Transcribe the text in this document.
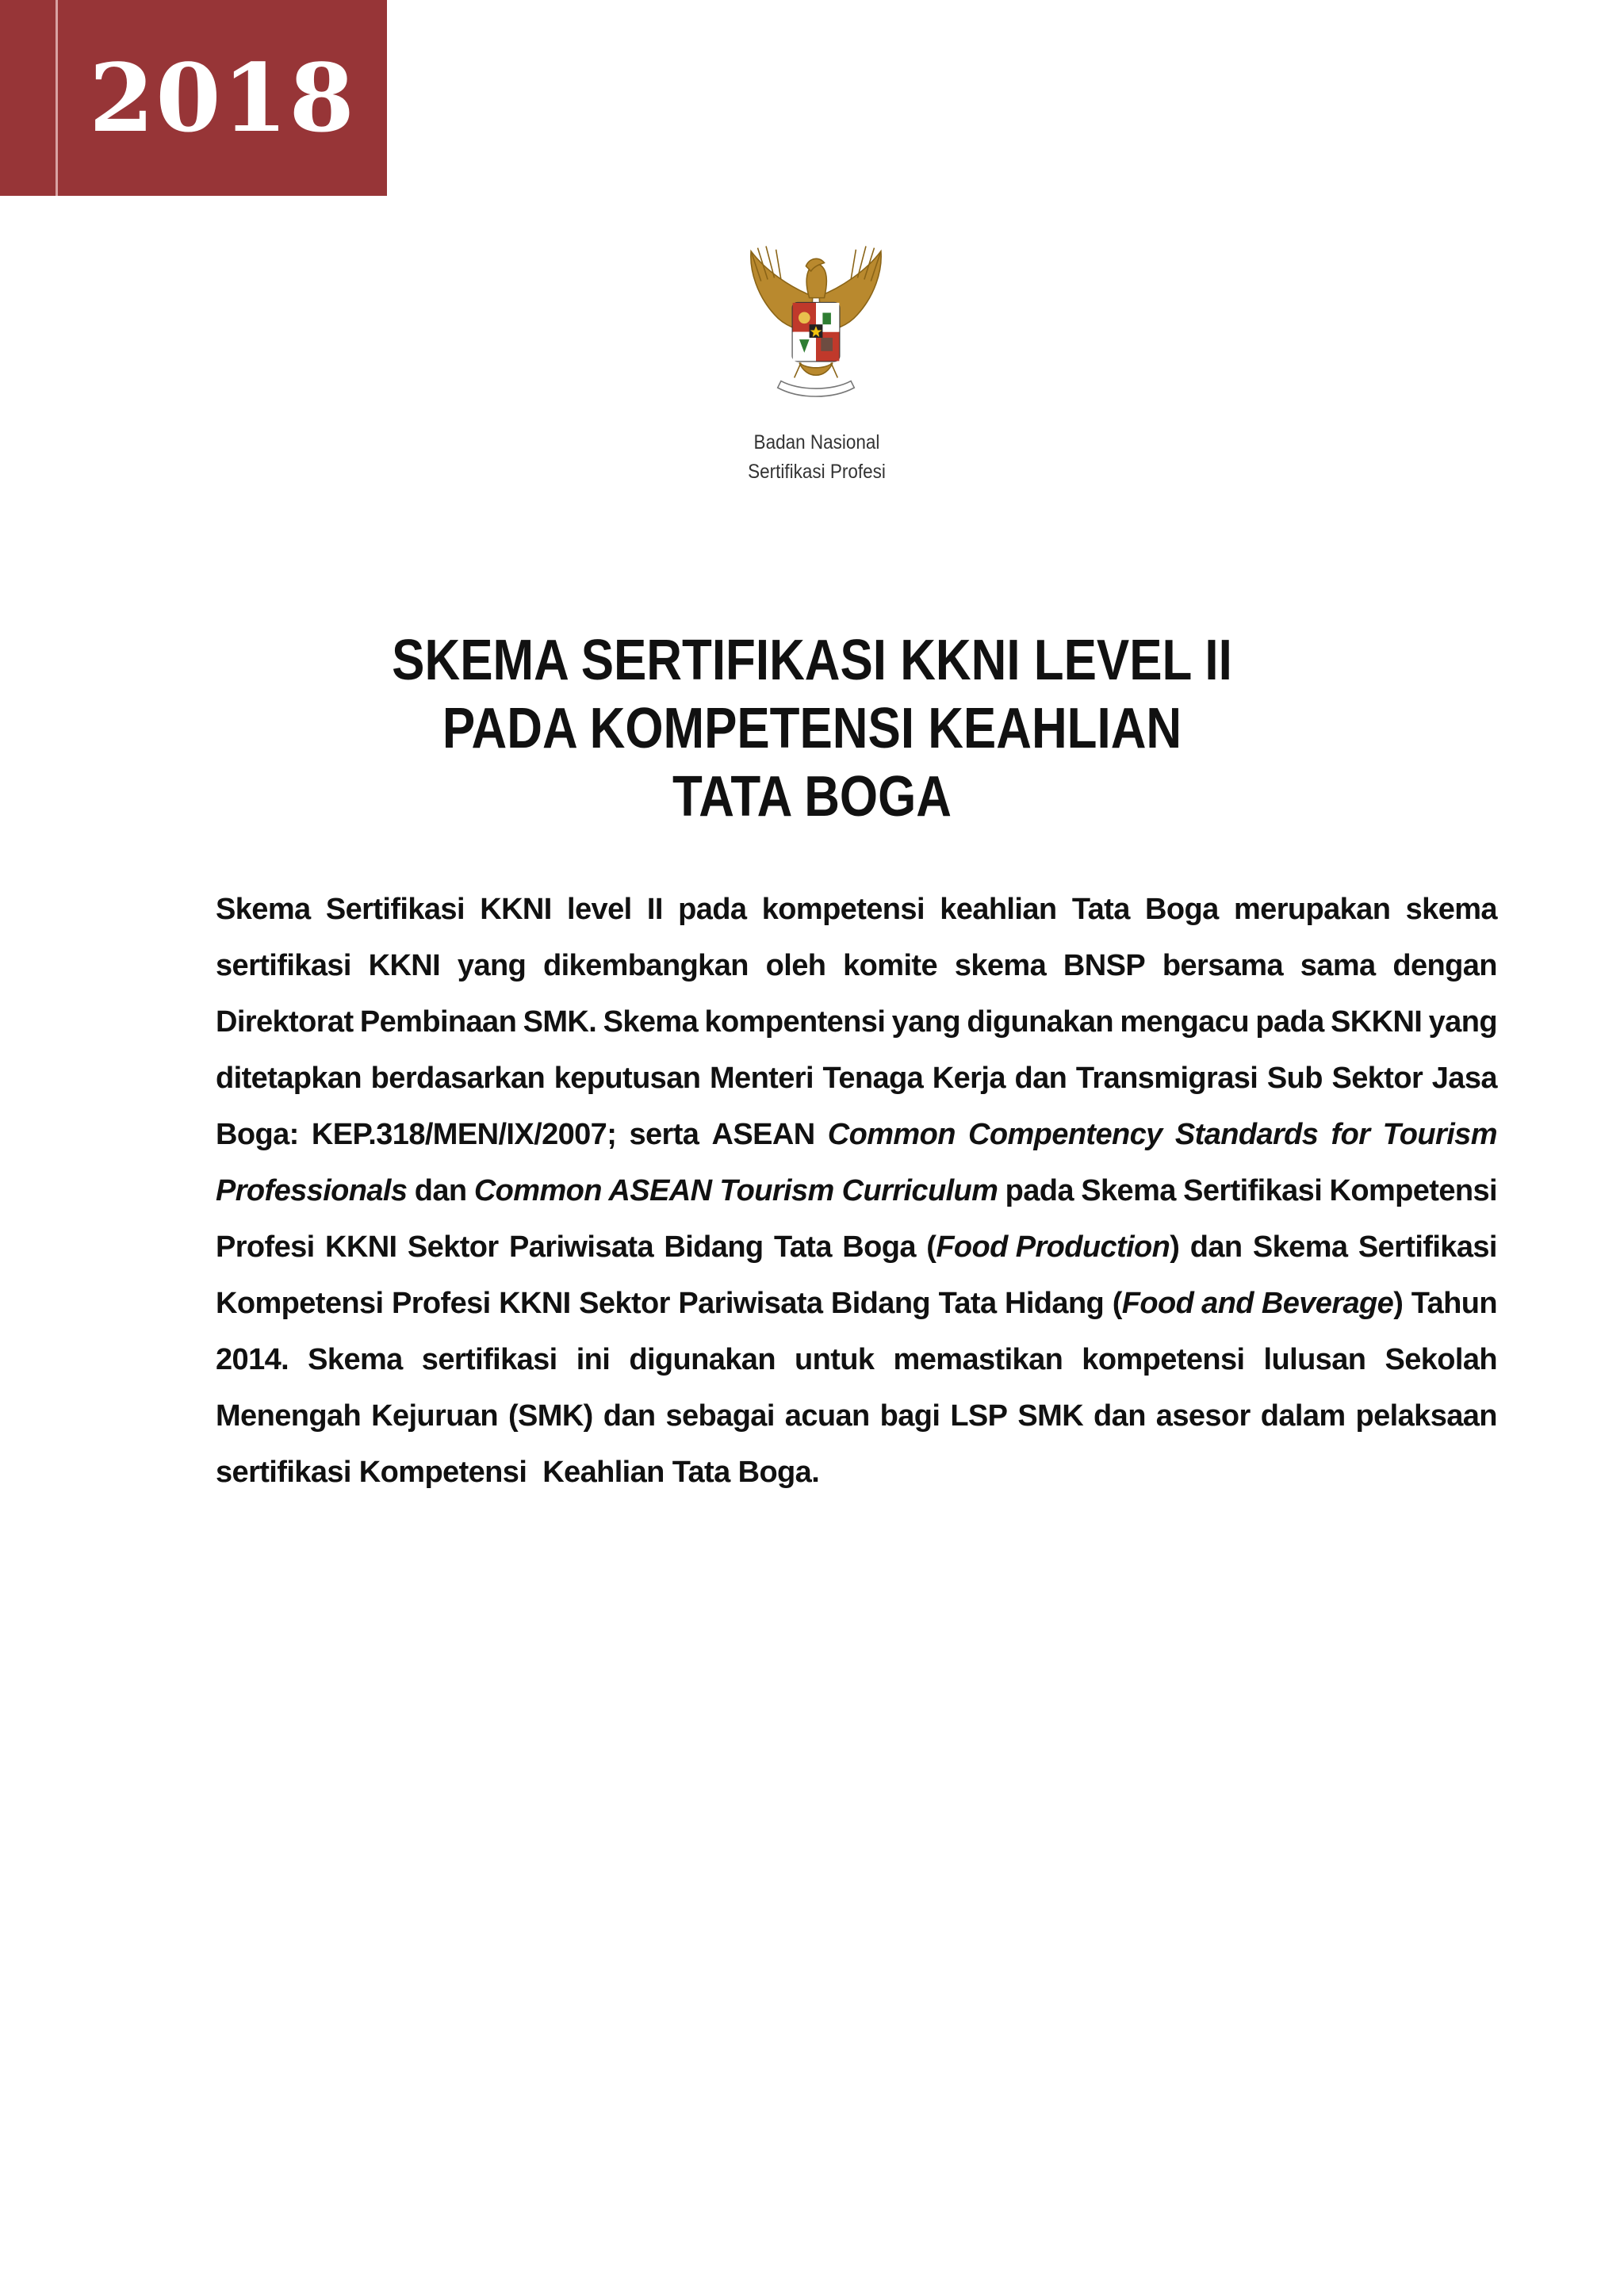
2018
Badan Nasional
Sertifikasi Profesi
SKEMA SERTIFIKASI KKNI LEVEL II
PADA KOMPETENSI KEAHLIAN
TATA BOGA
Skema Sertifikasi KKNI level II pada kompetensi keahlian Tata Boga merupakan skema
sertifikasi KKNI yang dikembangkan oleh komite skema BNSP bersama sama dengan
Direktorat Pembinaan SMK. Skema kompentensi yang digunakan mengacu pada SKKNI yang
ditetapkan berdasarkan keputusan Menteri Tenaga Kerja dan Transmigrasi Sub Sektor Jasa
Boga: KEP.318/MEN/IX/2007; serta ASEAN Common Compentency Standards for Tourism
Professionals dan Common ASEAN Tourism Curriculum pada Skema Sertifikasi Kompetensi
Profesi KKNI Sektor Pariwisata Bidang Tata Boga (Food Production) dan Skema Sertifikasi
Kompetensi Profesi KKNI Sektor Pariwisata Bidang Tata Hidang (Food and Beverage) Tahun
2014. Skema sertifikasi ini digunakan untuk memastikan kompetensi lulusan Sekolah
Menengah Kejuruan (SMK) dan sebagai acuan bagi LSP SMK dan asesor dalam pelaksaan
sertifikasi Kompetensi  Keahlian Tata Boga.
